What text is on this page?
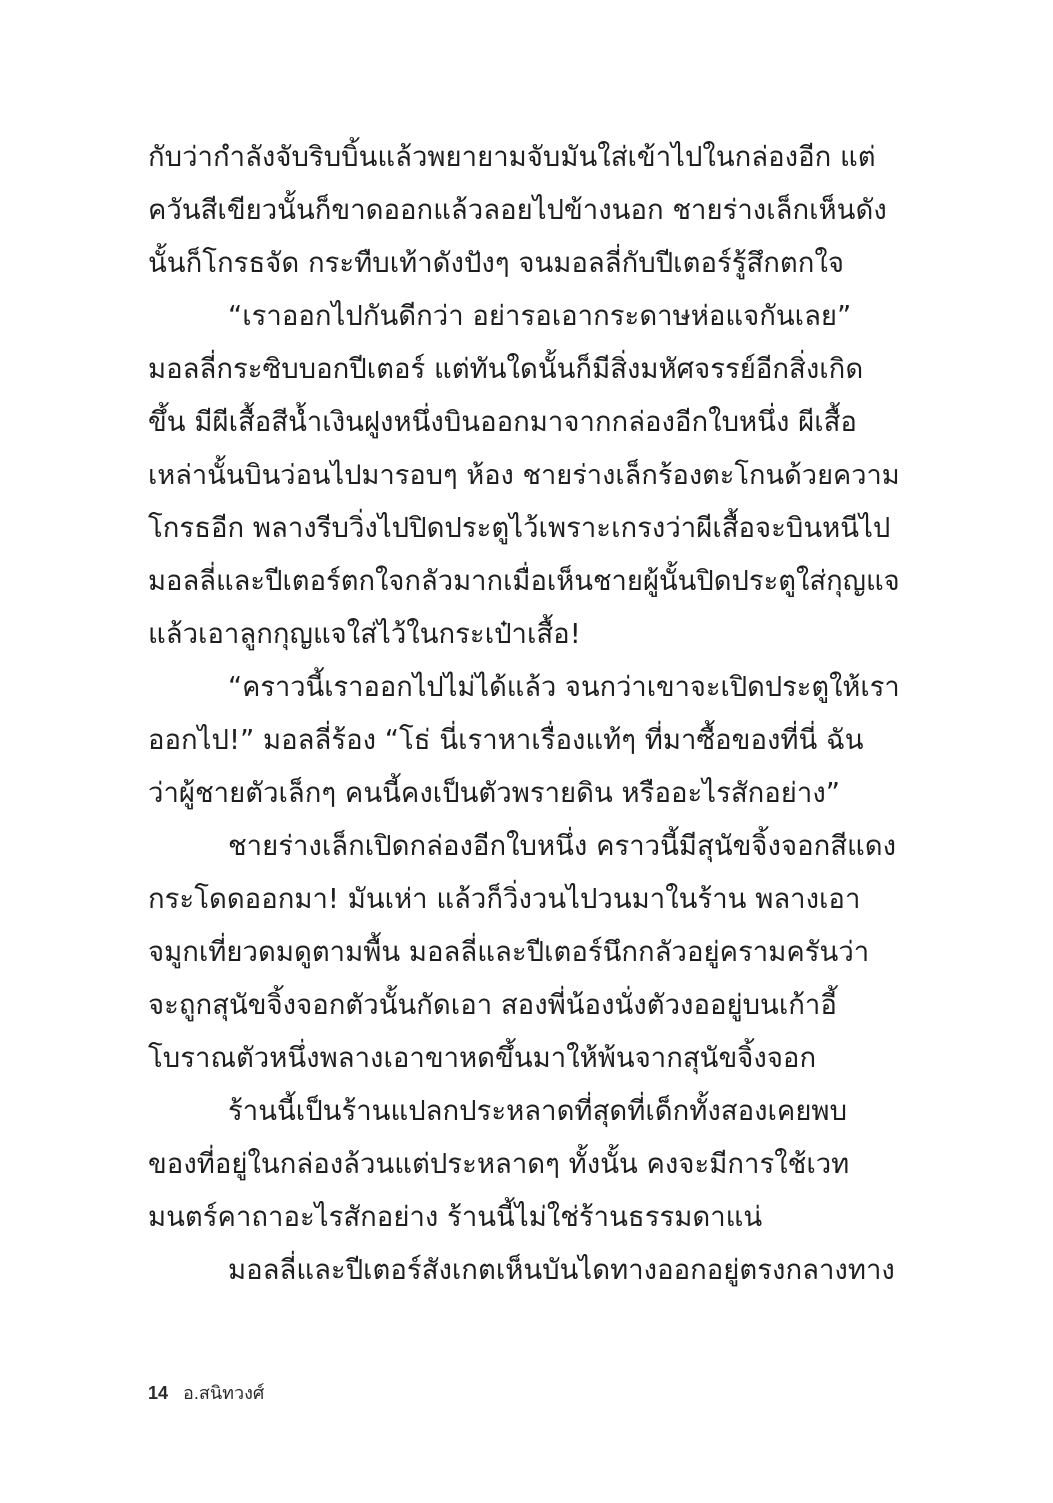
กับว่ากำลังจับริบบิ้นแล้วพยายามจับมันใส่เข้าไปในกล่องอีก แต่
ควันสีเขียวนั้นก็ขาดออกแล้วลอยไปข้างนอก ชายร่างเล็กเห็นดัง
นั้นก็โกรธจัด กระทืบเท้าดังปังๆ จนมอลลี่กับปีเตอร์รู้สึกตกใจ
“เราออกไปกันดีกว่า อย่ารอเอากระดาษห่อแจกันเลย”
มอลลี่กระซิบบอกปีเตอร์ แต่ทันใดนั้นก็มีสิ่งมหัศจรรย์อีกสิ่งเกิด
ขึ้น มีผีเสื้อสีน้ำเงินฝูงหนึ่งบินออกมาจากกล่องอีกใบหนึ่ง ผีเสื้อ
เหล่านั้นบินว่อนไปมารอบๆ ห้อง ชายร่างเล็กร้องตะโกนด้วยความ
โกรธอีก พลางรีบวิ่งไปปิดประตูไว้เพราะเกรงว่าผีเสื้อจะบินหนีไป
มอลลี่และปีเตอร์ตกใจกลัวมากเมื่อเห็นชายผู้นั้นปิดประตูใส่กุญแจ
แล้วเอาลูกกุญแจใส่ไว้ในกระเป๋าเสื้อ!
“คราวนี้เราออกไปไม่ได้แล้ว จนกว่าเขาจะเปิดประตูให้เรา
ออกไป!” มอลลี่ร้อง “โธ่ นี่เราหาเรื่องแท้ๆ ที่มาซื้อของที่นี่ ฉัน
ว่าผู้ชายตัวเล็กๆ คนนี้คงเป็นตัวพรายดิน หรืออะไรสักอย่าง”
ชายร่างเล็กเปิดกล่องอีกใบหนึ่ง คราวนี้มีสุนัขจิ้งจอกสีแดง
กระโดดออกมา! มันเห่า แล้วก็วิ่งวนไปวนมาในร้าน พลางเอา
จมูกเที่ยวดมดูตามพื้น มอลลี่และปีเตอร์นึกกลัวอยู่ครามครันว่า
จะถูกสุนัขจิ้งจอกตัวนั้นกัดเอา สองพี่น้องนั่งตัวงออยู่บนเก้าอี้
โบราณตัวหนึ่งพลางเอาขาหดขึ้นมาให้พ้นจากสุนัขจิ้งจอก
ร้านนี้เป็นร้านแปลกประหลาดที่สุดที่เด็กทั้งสองเคยพบ
ของที่อยู่ในกล่องล้วนแต่ประหลาดๆ ทั้งนั้น คงจะมีการใช้เวท
มนตร์คาถาอะไรสักอย่าง ร้านนี้ไม่ใช่ร้านธรรมดาแน่
มอลลี่และปีเตอร์สังเกตเห็นบันไดทางออกอยู่ตรงกลางทาง
14 อ.สนิทวงศ์
